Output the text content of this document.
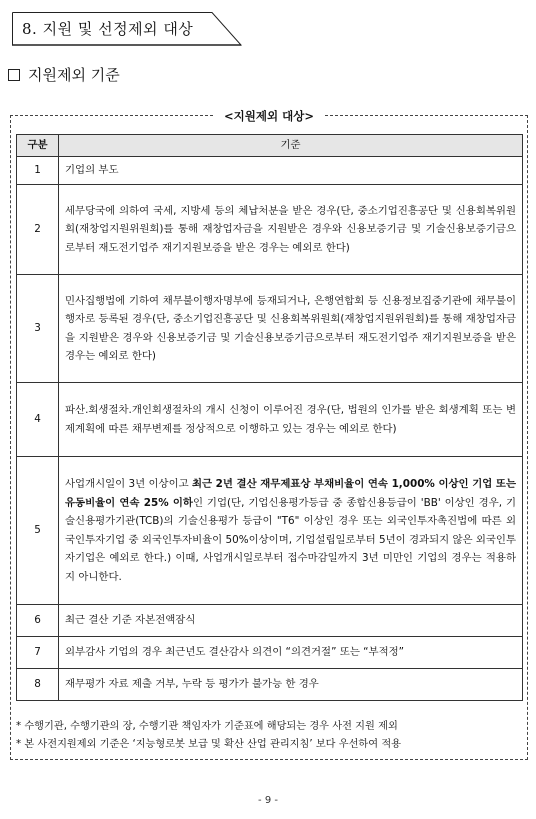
8. 지원 및 선정제외 대상
지원제외 기준
<지원제외 대상>
구분	기준
1	기업의 부도
2	세무당국에 의하여 국세, 지방세 등의 체납처분을 받은 경우(단, 중소기업진흥공단 및 신용회복위원회(재창업지원위원회)를 통해 재창업자금을 지원받은 경우와 신용보증기금 및 기술신용보증기금으로부터 재도전기업주 재기지원보증을 받은 경우는 예외로 한다)
3	민사집행법에 기하여 채무불이행자명부에 등재되거나, 은행연합회 등 신용정보집중기관에 채무불이행자로 등록된 경우(단, 중소기업진흥공단 및 신용회복위원회(재창업지원위원회)를 통해 재창업자금을 지원받은 경우와 신용보증기금 및 기술신용보증기금으로부터 재도전기업주 재기지원보증을 받은 경우는 예외로 한다)
4	파산.회생절차.개인회생절차의 개시 신청이 이루어진 경우(단, 법원의 인가를 받은 회생계획 또는 변제계획에 따른 채무변제를 정상적으로 이행하고 있는 경우는 예외로 한다)
5	사업개시일이 3년 이상이고 최근 2년 결산 재무제표상 부채비율이 연속 1,000% 이상인 기업 또는 유동비율이 연속 25% 이하인 기업(단, 기업신용평가등급 중 종합신용등급이 'BB' 이상인 경우, 기술신용평가기관(TCB)의 기술신용평가 등급이 "T6" 이상인 경우 또는 외국인투자촉진법에 따른 외국인투자기업 중 외국인투자비율이 50%이상이며, 기업설립일로부터 5년이 경과되지 않은 외국인투자기업은 예외로 한다.) 이때, 사업개시일로부터 접수마감일까지 3년 미만인 기업의 경우는 적용하지 아니한다.
6	최근 결산 기준 자본전액잠식
7	외부감사 기업의 경우 최근년도 결산감사 의견이 “의견거절” 또는 “부적정”
8	재무평가 자료 제출 거부, 누락 등 평가가 불가능 한 경우
* 수행기관, 수행기관의 장, 수행기관 책임자가 기준표에 해당되는 경우 사전 지원 제외
* 본 사전지원제외 기준은 ‘지능형로봇 보급 및 확산 산업 관리지침’ 보다 우선하여 적용
- 9 -
